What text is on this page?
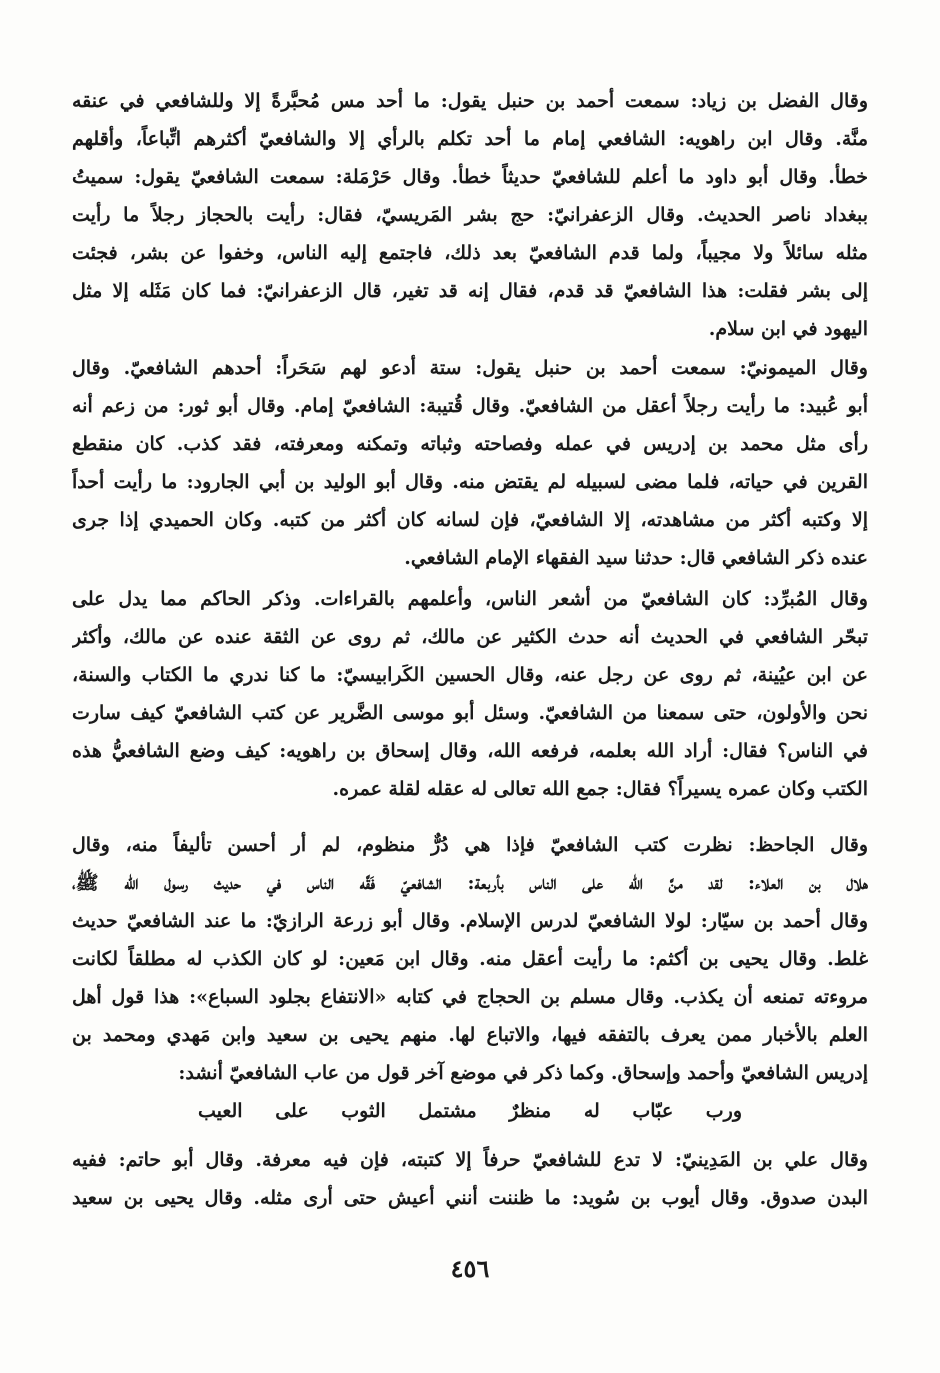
وقال الفضل بن زياد: سمعت أحمد بن حنبل يقول: ما أحد مس مُحبَّرةً إلا وللشافعي في عنقه
منَّة. وقال ابن راهويه: الشافعي إمام ما أحد تكلم بالرأي إلا والشافعيّ أكثرهم اتِّباعاً، وأقلهم
خطأ. وقال أبو داود ما أعلم للشافعيّ حديثاً خطأ. وقال حَرْمَلة: سمعت الشافعيّ يقول: سميتُ
ببغداد ناصر الحديث. وقال الزعفرانيّ: حج بشر المَريسيّ، فقال: رأيت بالحجاز رجلاً ما رأيت
مثله سائلاً ولا مجيباً، ولما قدم الشافعيّ بعد ذلك، فاجتمع إليه الناس، وخفوا عن بشر، فجئت
إلى بشر فقلت: هذا الشافعيّ قد قدم، فقال إنه قد تغير، قال الزعفرانيّ: فما كان مَثَله إلا مثل
اليهود في ابن سلام.
وقال الميمونيّ: سمعت أحمد بن حنبل يقول: ستة أدعو لهم سَحَراً: أحدهم الشافعيّ. وقال
أبو عُبيد: ما رأيت رجلاً أعقل من الشافعيّ. وقال قُتيبة: الشافعيّ إمام. وقال أبو ثور: من زعم أنه
رأى مثل محمد بن إدريس في عمله وفصاحته وثباته وتمكنه ومعرفته، فقد كذب. كان منقطع
القرين في حياته، فلما مضى لسبيله لم يقتض منه. وقال أبو الوليد بن أبي الجارود: ما رأيت أحداً
إلا وكتبه أكثر من مشاهدته، إلا الشافعيّ، فإن لسانه كان أكثر من كتبه. وكان الحميدي إذا جرى
عنده ذكر الشافعي قال: حدثنا سيد الفقهاء الإمام الشافعي.
وقال المُبرِّد: كان الشافعيّ من أشعر الناس، وأعلمهم بالقراءات. وذكر الحاكم مما يدل على
تبحّر الشافعي في الحديث أنه حدث الكثير عن مالك، ثم روى عن الثقة عنده عن مالك، وأكثر
عن ابن عيُينة، ثم روى عن رجل عنه، وقال الحسين الكَرابيسيّ: ما كنا ندري ما الكتاب والسنة،
نحن والأولون، حتى سمعنا من الشافعيّ. وسئل أبو موسى الضَّرير عن كتب الشافعيّ كيف سارت
في الناس؟ فقال: أراد الله بعلمه، فرفعه الله، وقال إسحاق بن راهويه: كيف وضع الشافعيُّ هذه
الكتب وكان عمره يسيراً؟ فقال: جمع الله تعالى له عقله لقلة عمره.
وقال الجاحظ: نظرت كتب الشافعيّ فإذا هي دُرٌّ منظوم، لم أر أحسن تأليفاً منه، وقال
هلال بن العلاء: لقد منَّ الله على الناس بأربعة: الشافعيّ فَقَّه الناس في حديث رسول الله ﷺ،
وقال أحمد بن سيّار: لولا الشافعيّ لدرس الإسلام. وقال أبو زرعة الرازيّ: ما عند الشافعيّ حديث
غلط. وقال يحيى بن أكثم: ما رأيت أعقل منه. وقال ابن مَعين: لو كان الكذب له مطلقاً لكانت
مروءته تمنعه أن يكذب. وقال مسلم بن الحجاج في كتابه «الانتفاع بجلود السباع»: هذا قول أهل
العلم بالأخبار ممن يعرف بالتفقه فيها، والاتباع لها. منهم يحيى بن سعيد وابن مَهدي ومحمد بن
إدريس الشافعيّ وأحمد وإسحاق. وكما ذكر في موضع آخر قول من عاب الشافعيّ أنشد:
ورب عبّاب له منظرٌ مشتمل الثوب على العيب
وقال علي بن المَدِينيّ: لا تدع للشافعيّ حرفاً إلا كتبته، فإن فيه معرفة. وقال أبو حاتم: ففيه
البدن صدوق. وقال أيوب بن سُويد: ما ظننت أنني أعيش حتى أرى مثله. وقال يحيى بن سعيد
٤٥٦
